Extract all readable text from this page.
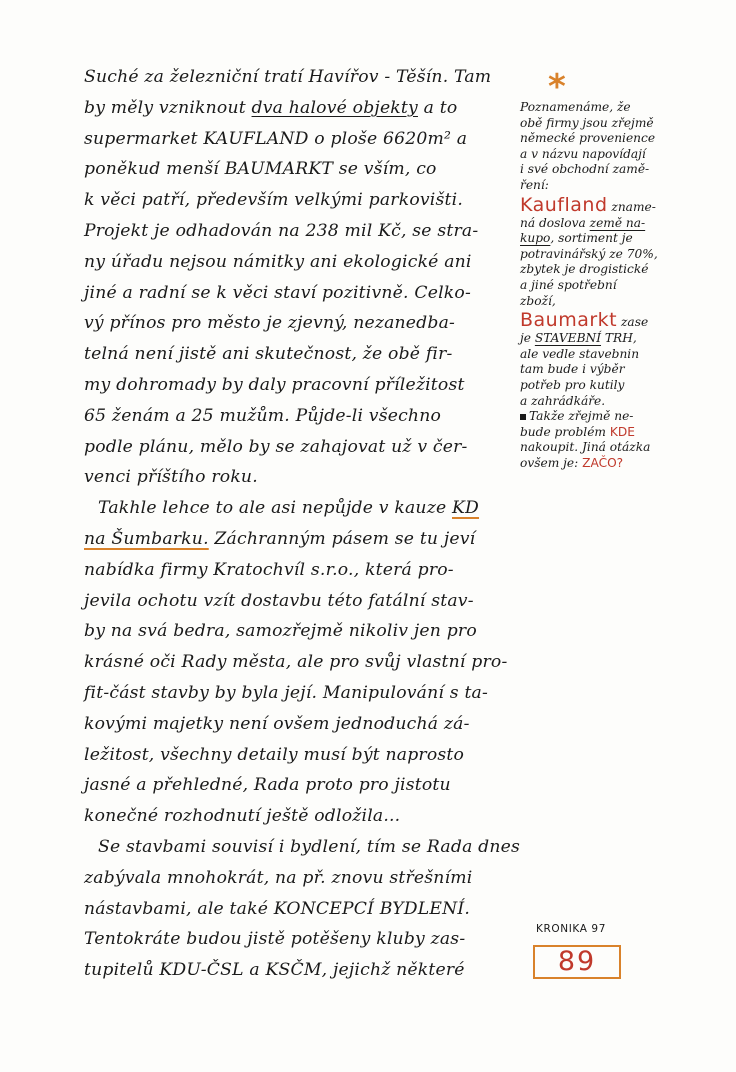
Suché za železniční tratí Havířov - Těšín. Tam
by měly vzniknout dva halové objekty a to
supermarket KAUFLAND o ploše 6620m² a
poněkud menší BAUMARKT se vším, co
k věci patří, především velkými parkovišti.
Projekt je odhadován na 238 mil Kč, se stra-
ny úřadu nejsou námitky ani ekologické ani
jiné a radní se k věci staví pozitivně. Celko-
vý přínos pro město je zjevný, nezanedba-
telná není jistě ani skutečnost, že obě fir-
my dohromady by daly pracovní příležitost
65 ženám a 25 mužům. Půjde-li všechno
podle plánu, mělo by se zahajovat už v čer-
venci příštího roku.
Takhle lehce to ale asi nepůjde v kauze KD
na Šumbarku. Záchranným pásem se tu jeví
nabídka firmy Kratochvíl s.r.o., která pro-
jevila ochotu vzít dostavbu této fatální stav-
by na svá bedra, samozřejmě nikoliv jen pro
krásné oči Rady města, ale pro svůj vlastní pro-
fit-část stavby by byla její. Manipulování s ta-
kovými majetky není ovšem jednoduchá zá-
ležitost, všechny detaily musí být naprosto
jasné a přehledné, Rada proto pro jistotu
konečné rozhodnutí ještě odložila...
Se stavbami souvisí i bydlení, tím se Rada dnes
zabývala mnohokrát, na př. znovu střešními
nástavbami, ale také KONCEPCÍ BYDLENÍ.
Tentokráte budou jistě potěšeny kluby zas-
tupitelů KDU-ČSL a KSČM, jejichž některé
*
Poznamenáme, že
obě firmy jsou zřejmě
německé provenience
a v názvu napovídají
i své obchodní zamě-
ření:
Kaufland zname-
ná doslova země na-
kupo, sortiment je
potravinářský ze 70%,
zbytek je drogistické
a jiné spotřební
zboží,
Baumarkt zase
je STAVEBNÍ TRH,
ale vedle stavebnin
tam bude i výběr
potřeb pro kutily
a zahrádkáře.
Takže zřejmě ne-
bude problém KDE
nakoupit. Jiná otázka
ovšem je: ZAČO?
KRONIKA 97
89
